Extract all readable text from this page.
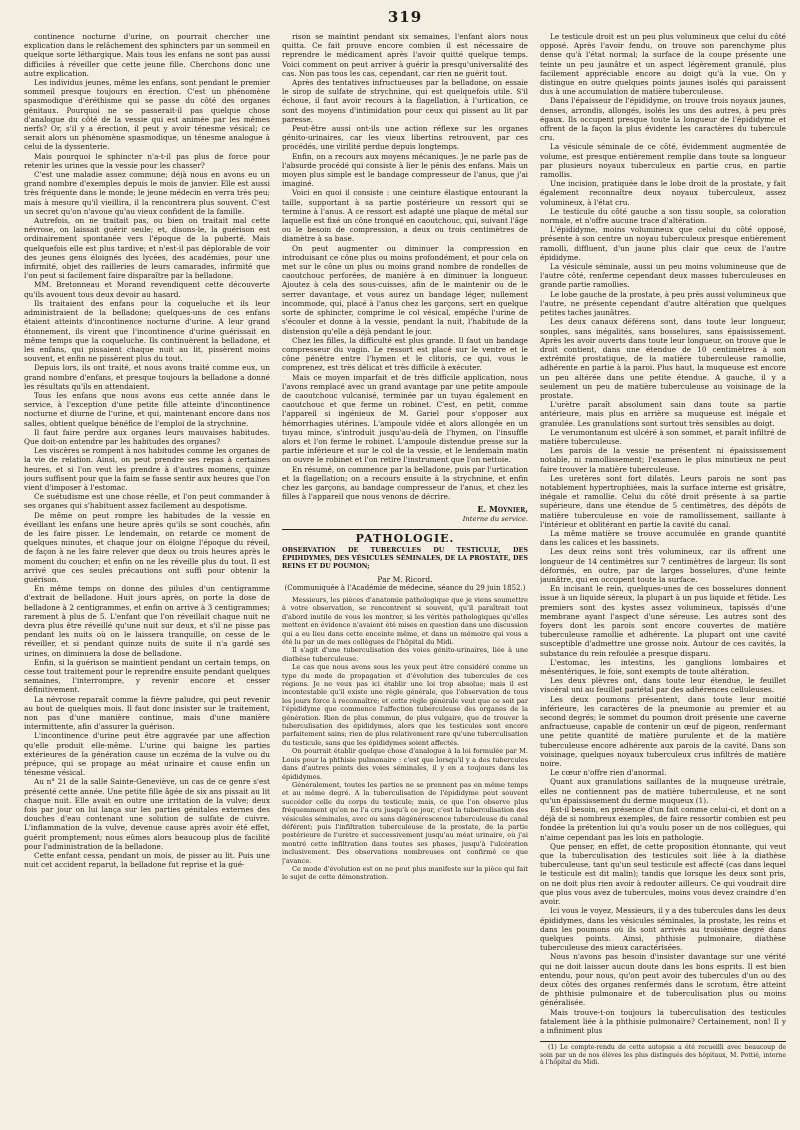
319

continence nocturne d'urine, on pourrait chercher une explication dans le relâchement des sphincters par un sommeil en quelque sorte léthargique. Mais tous les enfans ne sont pas aussi difficiles à réveiller que cette jeune fille. Cherchons donc une autre explication.

Les individus jeunes, même les enfans, sont pendant le premier sommeil presque toujours en érection. C'est un phénomène spasmodique d'éréthisme qui se passe du côté des organes génitaux. Pourquoi ne se passerait-il pas quelque chose d'analogue du côté de la vessie qui est animée par les mêmes nerfs? Or, s'il y a érection, il peut y avoir ténesme vésical; ce serait alors un phénomène spasmodique, un ténesme analogue à celui de la dyssenterie.

Mais pourquoi le sphincter n'a-t-il pas plus de force pour retenir les urines que la vessie pour les chasser?

C'est une maladie assez commune; déjà nous en avons eu un grand nombre d'exemples depuis le mois de janvier. Elle est aussi très fréquente dans le monde; le jeune médecin en verra très peu; mais à mesure qu'il vieillira, il la rencontrera plus souvent. C'est un secret qu'on n'avoue qu'au vieux confident de la famille.

Autrefois, on ne traitait pas, ou bien on traitait mal cette névrose, on laissait guérir seule; et, disons-le, la guérison est ordinairement spontanée vers l'époque de la puberté. Mais quelquefois elle est plus tardive; et n'est-il pas déplorable de voir des jeunes gens éloignés des lycées, des académies, pour une infirmité, objet des railleries de leurs camarades, infirmité que l'on peut si facilement faire disparaître par la belladone.

MM. Bretonneau et Morand revendiquent cette découverte qu'ils avouent tous deux devoir au hasard.

Ils traitaient des enfans pour la coqueluche et ils leur administraient de la belladone; quelques-uns de ces enfans étaient atteints d'incontinence nocturne d'urine. A leur grand étonnement, ils virent que l'incontinence d'urine guérissait en même temps que la coqueluche. Ils continuèrent la belladone, et les enfans, qui pissaient chaque nuit au lit, pissèrent moins souvent, et enfin ne pissèrent plus du tout.

Depuis lors, ils ont traité, et nous avons traité comme eux, un grand nombre d'enfans, et presque toujours la belladone a donné les résultats qu'ils en attendaient.

Tous les enfans que nous avons eus cette année dans le service, à l'exception d'une petite fille atteinte d'incontinence nocturne et diurne de l'urine, et qui, maintenant encore dans nos salles, obtient quelque bénéfice de l'emploi de la strychnine.

Il faut faire perdre aux organes leurs mauvaises habitudes. Que doit-on entendre par les habitudes des organes?

Les viscères se rompent à nos habitudes comme les organes de la vie de relation. Ainsi, on peut prendre ses repas à certaines heures, et si l'on veut les prendre à d'autres momens, quinze jours suffisent pour que la faim se fasse sentir aux heures que l'on vient d'imposer à l'estomac.

Ce suétudisme est une chose réelle, et l'on peut commander à ses organes qui s'habituent assez facilement au despotisme.

De même on peut rompre les habitudes de la vessie en éveillant les enfans une heure après qu'ils se sont couchés, afin de les faire pisser. Le lendemain, on retarde ce moment de quelques minutes, et chaque jour on éloigne l'époque du réveil, de façon à ne les faire relever que deux ou trois heures après le moment du coucher; et enfin on ne les réveille plus du tout. Il est arrivé que ces seules précautions ont suffi pour obtenir la guérison.

En même temps on donne des pilules d'un centigramme d'extrait de belladone. Huit jours après, on porte la dose de belladone à 2 centigrammes, et enfin on arrive à 3 centigrammes; rarement à plus de 5. L'enfant que l'on réveillait chaque nuit ne devra plus être réveillé qu'une nuit sur deux, et s'il ne pisse pas pendant les nuits où on le laissera tranquille, on cesse de le réveiller, et si pendant quinze nuits de suite il n'a gardé ses urines, on diminuera la dose de belladone.

Enfin, si la guérison se maintient pendant un certain temps, on cesse tout traitement pour le reprendre ensuite pendant quelques semaines, l'interrompre, y revenir encore et cesser définitivement.

La névrose reparaît comme la fièvre paludre, qui peut revenir au bout de quelques mois. Il faut donc insister sur le traitement, non pas d'une manière continue, mais d'une manière intermittente, afin d'assurer la guérison.

L'incontinence d'urine peut être aggravée par une affection qu'elle produit elle-même. L'urine qui baigne les parties extérieures de la génération cause un eczéma de la vulve ou du prépuce, qui se propage au méat urinaire et cause enfin un ténesme vésical.

Au n° 21 de la salle Sainte-Geneviève, un cas de ce genre s'est présenté cette année. Une petite fille âgée de six ans pissait au lit chaque nuit. Elle avait en outre une irritation de la vulve; deux fois par jour on lui lança sur les parties génitales externes des douches d'eau contenant une solution de sulfate de cuivre. L'inflammation de la vulve, devenue cause après avoir été effet, guérit promptement; nous eûmes alors beaucoup plus de facilité pour l'administration de la belladone.

Cette enfant cessa, pendant un mois, de pisser au lit. Puis une nuit cet accident reparut, la belladone fut reprise et la gué-

rison se maintint pendant six semaines, l'enfant alors nous quitta. Ce fait prouve encore combien il est nécessaire de reprendre le médicament après l'avoir quitté quelque temps. Voici comment on peut arriver à guérir la presqu'universalité des cas. Non pas tous les cas, cependant, car rien ne guérit tout.

Après des tentatives infructueuses par la belladone, on essaie le sirop de sulfate de strychnine, qui est quelquefois utile. S'il échoue, il faut avoir recours à la flagellation, à l'urtication, ce sont des moyens d'intimidation pour ceux qui pissent au lit par paresse.

Peut-être aussi ont-ils une action réflexe sur les organes génito-urinaires, car les vieux libertins retrouvent, par ces procédés, une virilité perdue depuis longtemps.

Enfin, on a recours aux moyens mécaniques. Je ne parle pas de l'absurde procédé qui consiste à lier le pénis des enfans. Mais un moyen plus simple est le bandage compresseur de l'anus, que j'ai imaginé.

Voici en quoi il consiste : une ceinture élastique entourant la taille, supportant à sa partie postérieure un ressort qui se termine à l'anus. A ce ressort est adapté une plaque de métal sur laquelle est fixé un cône tronqué en caoutchouc, qui, suivant l'âge ou le besoin de compression, a deux ou trois centimètres de diamètre à sa base.

On peut augmenter ou diminuer la compression en introduisant ce cône plus ou moins profondément, et pour cela on met sur le cône un plus ou moins grand nombre de rondelles de caoutchouc perforées, de manière à en diminuer la longueur. Ajoutez à cela des sous-cuisses, afin de le maintenir ou de le serrer davantage, et vous aurez un bandage léger, nullement incommode, qui, placé à l'anus chez les garçons, sert en quelque sorte de sphincter, comprime le col vésical, empêche l'urine de s'écouler et donne à la vessie, pendant la nuit, l'habitude de la distension qu'elle a déjà pendant le jour.

Chez les filles, la difficulté est plus grande. Il faut un bandage compresseur du vagin. Le ressort est placé sur le ventre et le cône pénètre entre l'hymen et le clitoris, ce qui, vous le comprenez, est très délicat et très difficile à exécuter.

Mais ce moyen imparfait et de très difficile application, nous l'avons remplacé avec un grand avantage par une petite ampoule de caoutchouc vulcanisé, terminée par un tuyau également en caoutchouc et que ferme un robinet. C'est, en petit, comme l'appareil si ingénieux de M. Gariel pour s'opposer aux hémorrhagies utérines. L'ampoule vidée et alors allongée en un tuyau mince, s'introduit jusqu'au-delà de l'hymen, on l'insuffle alors et l'on ferme le robinet. L'ampoule distendue presse sur la partie inférieure et sur le col de la vessie, et le lendemain matin on ouvre le robinet et l'on retire l'instrument que l'on nettoie.

En résumé, on commence par la belladone, puis par l'urtication et la flagellation; on a recours ensuite à la strychnine, et enfin chez les garçons, au bandage compresseur de l'anus, et chez les filles à l'appareil que nous venons de décrire.

E. Moynier,
Interne du service.
PATHOLOGIE.
OBSERVATION DE TUBERCULES DU TESTICULE, DES ÉPIDIDYMES, DES VÉSICULES SÉMINALES, DE LA PROSTATE, DES REINS ET DU POUMON;
Par M. Ricord.
(Communiquée à l'Académie de médecine, séance du 29 juin 1852.)

Messieurs, les pièces d'anatomie pathologique que je viens soumettre à votre observation, se rencontrent si souvent, qu'il paraîtrait tout d'abord inutile de vous les montrer, si les vérités pathologiques qu'elles mettent en évidence n'avaient été mises en question dans une discussion qui a eu lieu dans cette enceinte même, et dans un mémoire qui vous a été lu par un de mes collègues de l'hôpital du Midi.

Il s'agit d'une tuberculisation des voies génito-urinaires, liée à une diathèse tuberculeuse.

Le cas que nous avons sous les yeux peut être considéré comme un type du mode de propagation et d'évolution des tubercules de ces régions. Je ne veux pas ici établir une loi trop absolue; mais il est incontestable qu'il existe une règle générale, que l'observation de tous les jours force à reconnaître; et cette règle générale veut que ce soit par l'épididyme que commence l'affection tuberculeuse des organes de la génération. Rien de plus commun, de plus vulgaire, que de trouver la tuberculisation des épididymes, alors que les testicules sont encore parfaitement sains; rien de plus relativement rare qu'une tuberculisation du testicule, sans que les épididymes soient affectés.

On pourrait établir quelque chose d'analogue à la loi formulée par M. Louis pour la phthisie pulmonaire : c'est que lorsqu'il y a des tubercules dans d'autres points des voies séminales, il y en a toujours dans les épididymes.

Généralement, toutes les parties ne se prennent pas en même temps et au même degré. A la tuberculisation de l'épididyme peut souvent succéder celle du corps du testicule; mais, ce que l'on observe plus fréquemment qu'on ne l'a cru jusqu'à ce jour, c'est la tuberculisation des vésicules séminales, avec ou sans dégénérescence tuberculeuse du canal déférent; puis l'infiltration tuberculeuse de la prostate, de la partie postérieure de l'urètre et successivement jusqu'au méat urinaire, où j'ai montré cette infiltration dans toutes ses phases, jusqu'à l'ulcération inclusivement. Des observations nombreuses ont confirmé ce que j'avance.

Ce mode d'évolution est on ne peut plus manifeste sur la pièce qui fait le sujet de cette démonstration.

Le testicule droit est un peu plus volumineux que celui du côté opposé. Après l'avoir fendu, on trouve son parenchyme plus dense qu'à l'état normal; la surface de la coupe présente une teinte un peu jaunâtre et un aspect légèrement granulé, plus facilement appréciable encore au doigt qu'à la vue. On y distingue en outre quelques points jaunes isolés qui paraissent dus à une accumulation de matière tuberculeuse.

Dans l'épaisseur de l'épididyme, on trouve trois noyaux jaunes, denses, arrondis, allongés, isolés les uns des autres, à peu près égaux. Ils occupent presque toute la longueur de l'épididyme et offrent de la façon la plus évidente les caractères du tubercule cru.

La vésicule séminale de ce côté, évidemment augmentée de volume, est presque entièrement remplie dans toute sa longueur par plusieurs noyaux tuberculeux en partie crus, en partie ramollis.

Une incision, pratiquée dans le lobe droit de la prostate, y fait également reconnaître deux noyaux tuberculeux, assez volumineux, à l'état cru.

Le testicule du côté gauche a son tissu souple, sa coloration normale, et n'offre aucune trace d'altération.

L'épididyme, moins volumineux que celui du côté opposé, présente à son centre un noyau tuberculeux presque entièrement ramolli, diffluent, d'un jaune plus clair que ceux de l'autre épididyme.

La vésicule séminale, aussi un peu moins volumineuse que de l'autre côté, renferme cependant deux masses tuberculeuses en grande partie ramollies.

Le lobe gauche de la prostate, à peu près aussi volumineux que l'autre, ne présente cependant d'autre altération que quelques petites taches jaunâtres.

Les deux canaux déférens sont, dans toute leur longueur, souples, sans inégalités, sans bosselures, sans épaississement. Après les avoir ouverts dans toute leur longueur, on trouve que le droit contient, dans une étendue de 10 centimètres à son extrémité prostatique, de la matière tuberculeuse ramollie, adhérente en partie à la paroi. Plus haut, la muqueuse est encore un peu altérée dans une petite étendue. A gauche, il y a seulement un peu de matière tuberculeuse au voisinage de la prostate.

L'urètre paraît absolument sain dans toute sa partie antérieure, mais plus en arrière sa muqueuse est inégale et granulée. Les granulations sont surtout très sensibles au doigt.

Le verumontanum est ulcéré à son sommet, et paraît infiltré de matière tuberculeuse.

Les parois de la vessie ne présentent ni épaississement notable, ni ramollissement; l'examen le plus minutieux ne peut faire trouver la matière tuberculeuse.

Les uretères sont fort dilatés. Leurs parois ne sont pas notablement hypertrophiées, mais la surface interne est grisâtre, inégale et ramollie. Celui du côté droit présente à sa partie supérieure, dans une étendue de 5 centimètres, des dépôts de matière tuberculeuse en voie de ramollissement, saillante à l'intérieur et oblitérant en partie la cavité du canal.

La même matière se trouve accumulée en grande quantité dans les calices et les bassinets.

Les deux reins sont très volumineux, car ils offrent une longueur de 14 centimètres sur 7 centimètres de largeur. Ils sont déformés, en outre, par de larges bosselures, d'une teinte jaunâtre, qui en occupent toute la surface.

En incisant le rein, quelques-unes de ces bosselures donnent issue à un liquide séreux, la plupart à un pus liquide et fétide. Les premiers sont des kystes assez volumineux, tapissés d'une membrane ayant l'aspect d'une séreuse. Les autres sont des foyers dont les parois sont encore couvertes de matière tuberculeuse ramollie et adhérente. La plupart ont une cavité susceptible d'admettre une grosse noix. Autour de ces cavités, la substance du rein refoulée a presque disparu.

L'estomac, les intestins, les ganglions lombaires et mésentériques, le foie, sont exempts de toute altération.

Les deux plèvres ont, dans toute leur étendue, le feuillet viscéral uni au feuillet pariétal par des adhérences celluleuses.

Les deux poumons présentent, dans toute leur moitié inférieure, les caractères de la pneumonie au premier et au second degrés; le sommet du poumon droit présente une caverne anfractueuse, capable de contenir un œuf de pigeon, renfermant une petite quantité de matière purulente et de la matière tuberculeuse encore adhérente aux parois de la cavité. Dans son voisinage, quelques noyaux tuberculeux crus infiltrés de matière noire.

Le cœur n'offre rien d'anormal.

Quant aux granulations saillantes de la muqueuse urétrale, elles ne contiennent pas de matière tuberculeuse, et ne sont qu'un épaississement du derme muqueux (1).

Est-il besoin, en présence d'un fait comme celui-ci, et dont on a déjà de si nombreux exemples, de faire ressortir combien est peu fondée la prétention lui qu'a voulu poser un de nos collègues, qui n'aime cependant pas les lois en pathologie.

Que penser, en effet, de cette proposition étonnante, qui veut que la tuberculisation des testicules soit liée à la diathèse tuberculeuse, tant qu'un seul testicule est affecté (cas dans lequel le testicule est dit malin); tandis que lorsque les deux sont pris, on ne doit plus rien avoir à redouter ailleurs. Ce qui voudrait dire que plus vous avez de tubercules, moins vous devez craindre d'en avoir.

Ici vous le voyez, Messieurs, il y a des tubercules dans les deux épididymes, dans les vésicules séminales, la prostate, les reins et dans les poumons où ils sont arrivés au troisième degré dans quelques points. Ainsi, phthisie pulmonaire, diathèse tuberculeuse des mieux caractérisées.

Nous n'avons pas besoin d'insister davantage sur une vérité qui ne doit laisser aucun doute dans les bons esprits. Il est bien entendu, pour nous, qu'on peut avoir des tubercules d'un ou des deux côtés des organes renfermés dans le scrotum, être atteint de phthisie pulmonaire et de tuberculisation plus ou moins généralisée.

Mais trouve-t-on toujours la tuberculisation des testicules fatalement liée à la phthisie pulmonaire? Certainement, non! Il y a infiniment plus

(1) Le compte-rendu de cette autopsie a été recueilli avec beaucoup de soin par un de nos élèves les plus distingués des hôpitaux, M. Pottié, interne à l'hôpital du Midi.
